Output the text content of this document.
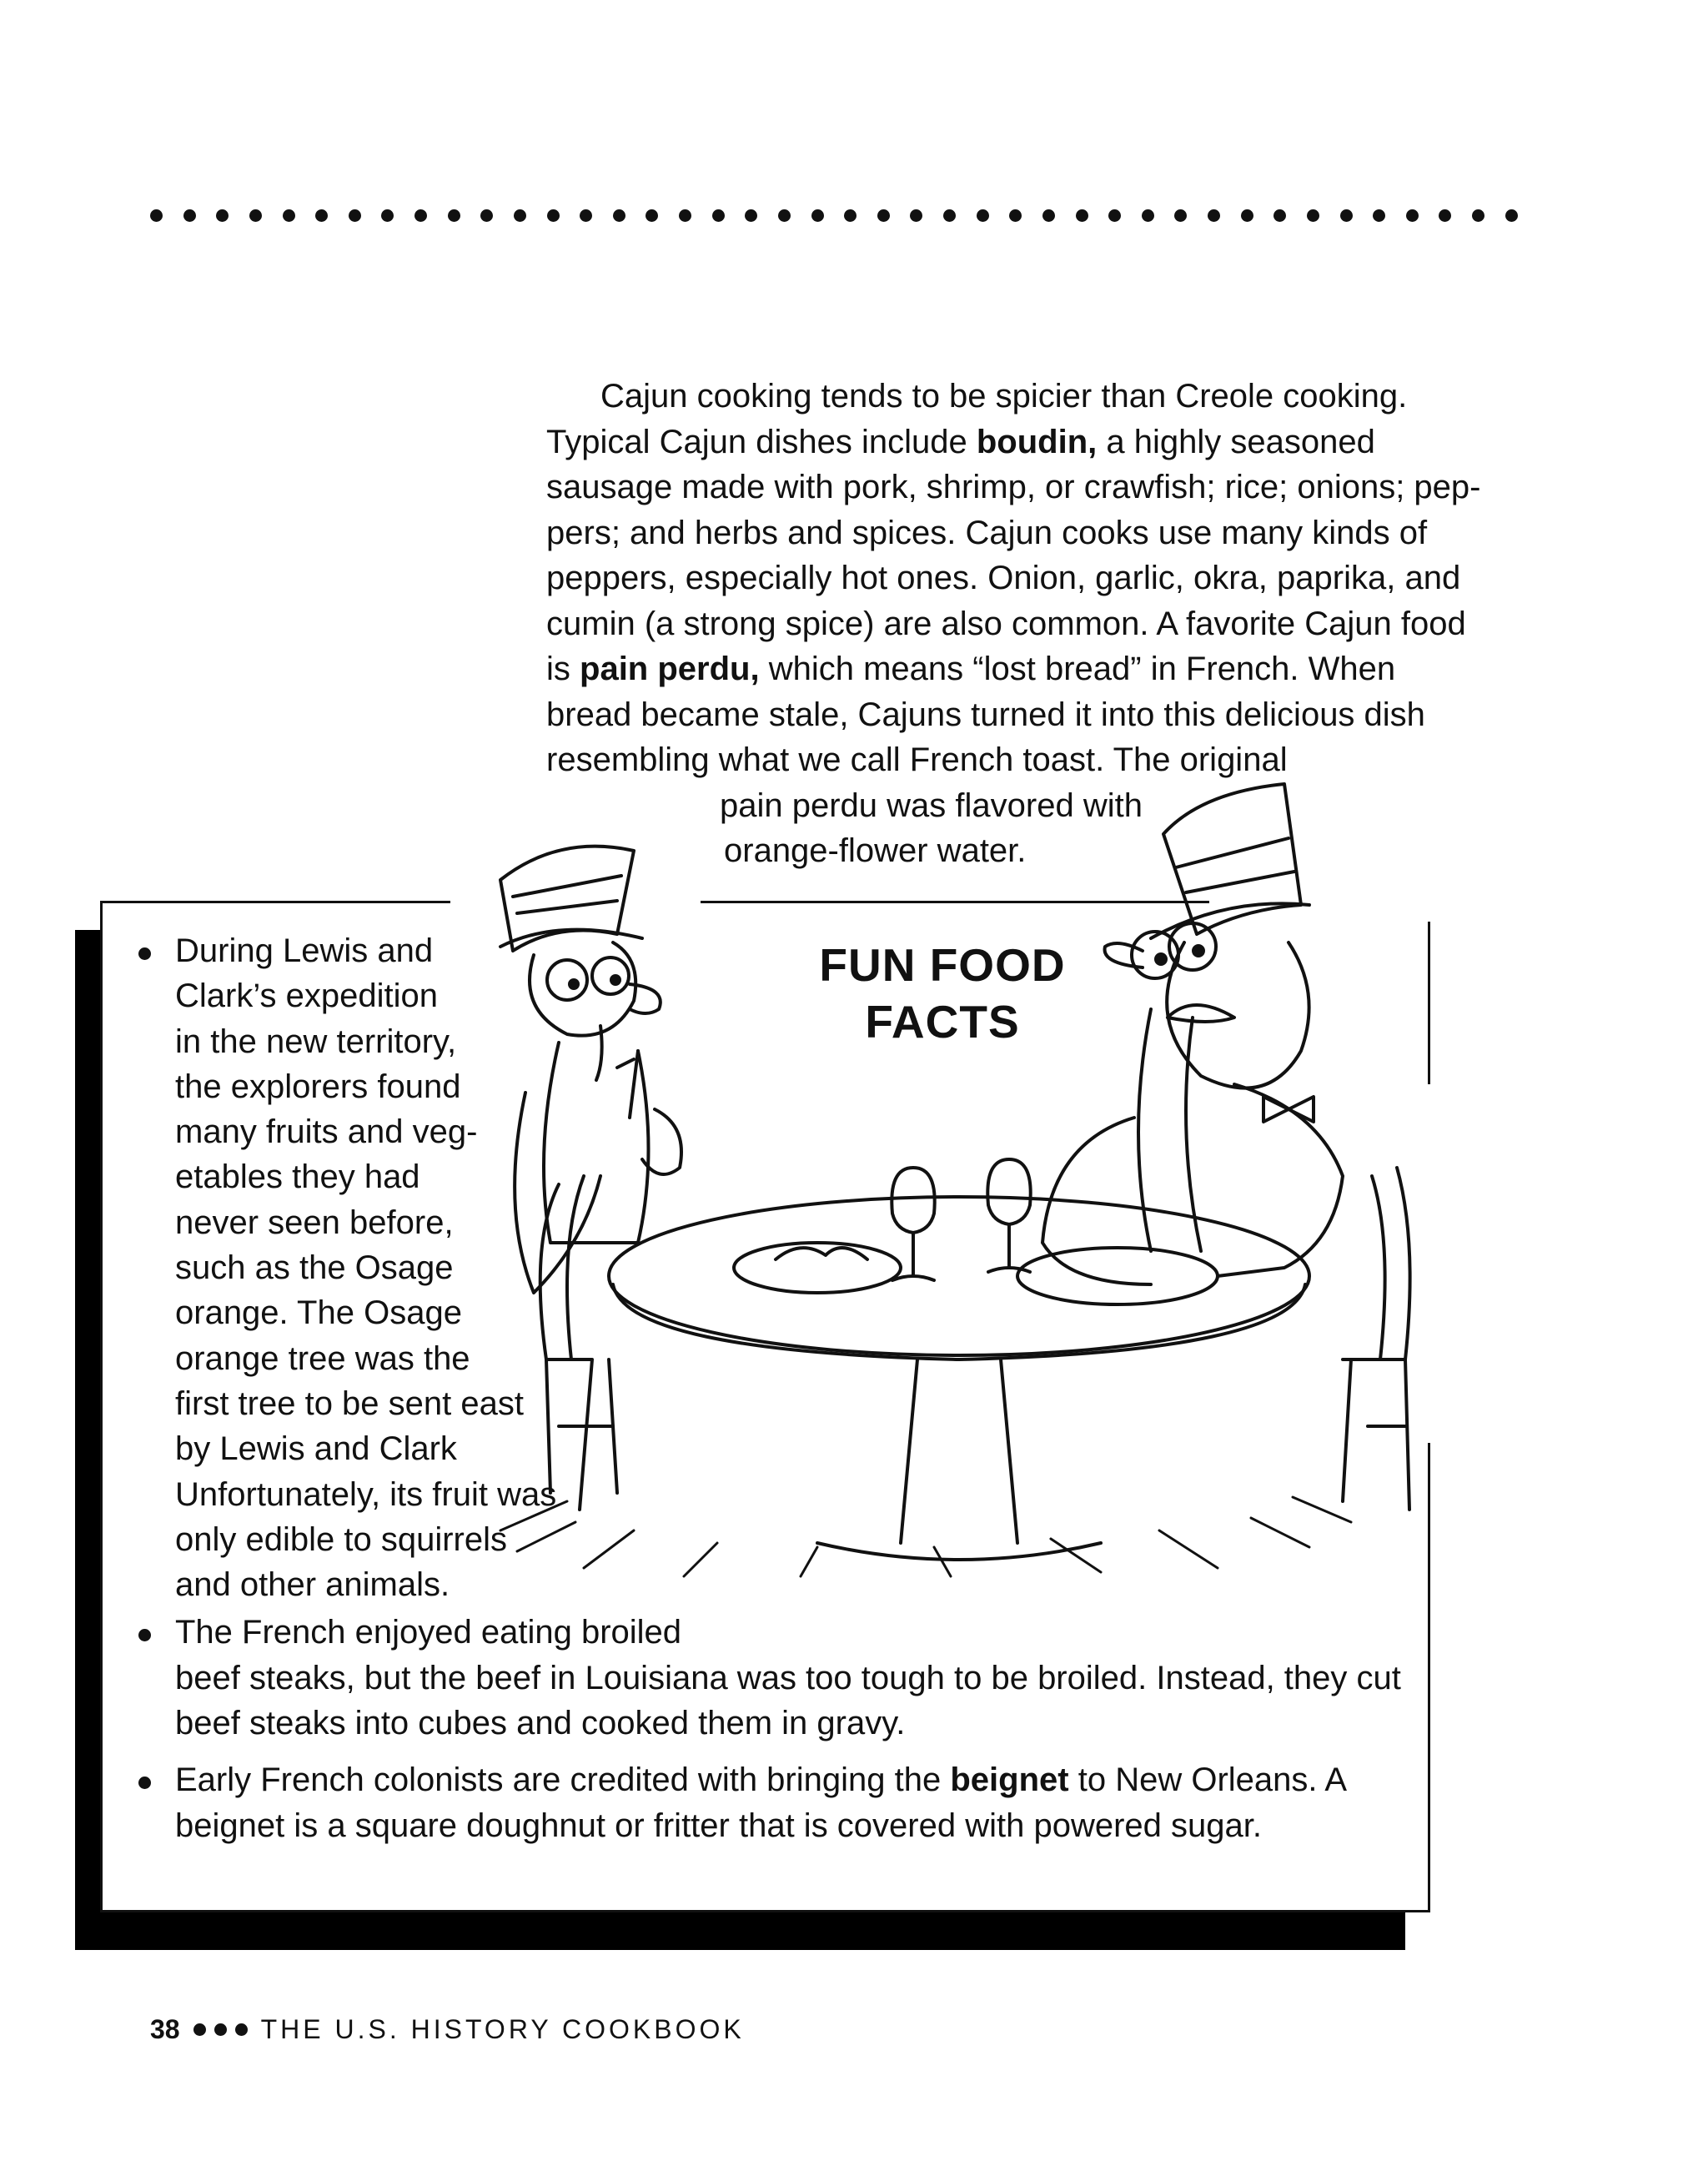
Cajun cooking tends to be spicier than Creole cooking.

Typical Cajun dishes include boudin, a highly seasoned

sausage made with pork, shrimp, or crawfish; rice; onions; pep-

pers; and herbs and spices. Cajun cooks use many kinds of

peppers, especially hot ones. Onion, garlic, okra, paprika, and

cumin (a strong spice) are also common. A favorite Cajun food

is pain perdu, which means “lost bread” in French. When

bread became stale, Cajuns turned it into this delicious dish

resembling what we call French toast. The original

pain perdu was flavored with

orange-flower water.

FUN FOOD
FACTS
During Lewis and
Clark’s expedition
in the new territory,
the explorers found
many fruits and veg-
etables they had
never seen before,
such as the Osage
orange. The Osage
orange tree was the
first tree to be sent east
by Lewis and Clark
Unfortunately, its fruit was
only edible to squirrels
and other animals.
The French enjoyed eating broiled
beef steaks, but the beef in Louisiana was too tough to be broiled. Instead, they cut beef steaks into cubes and cooked them in gravy.
Early French colonists are credited with bringing the beignet to New Orleans. A beignet is a square doughnut or fritter that is covered with powered sugar.
38	THE U.S. HISTORY COOKBOOK
